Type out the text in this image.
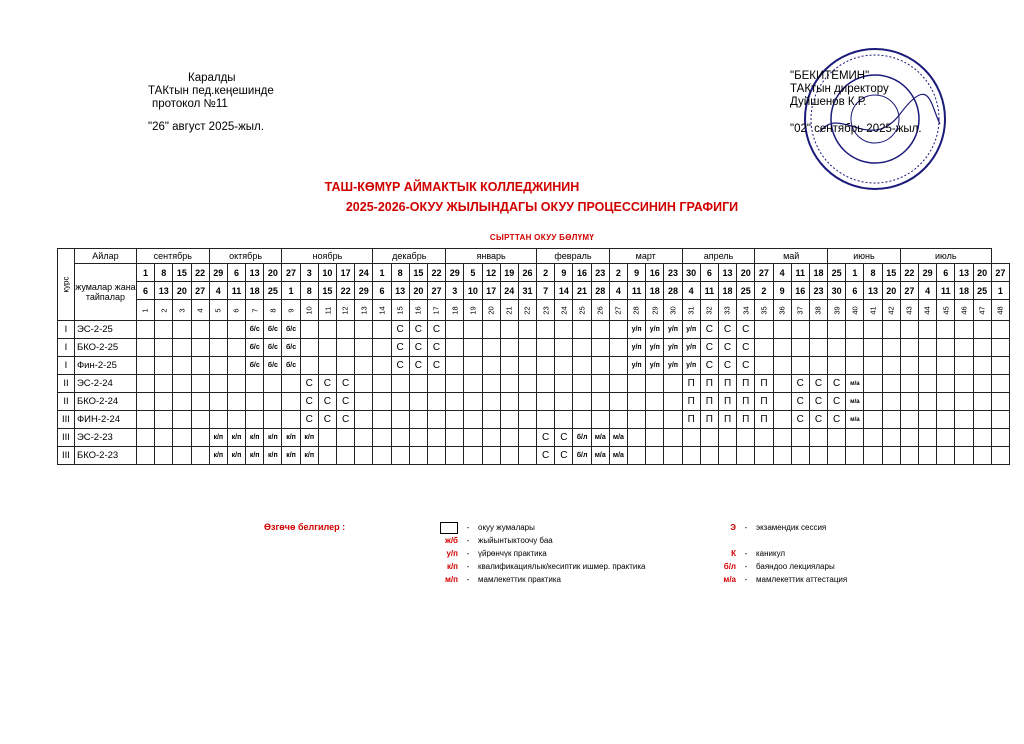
Каралды
ТАКтын пед.кеңешинде
протокол №11
"26" август 2025-жыл.
"БЕКИТЕМИН"
ТАКтын директору
Дуйшенов К.Р.
"02" сентябрь 2025-жыл.
ТАШ-КӨМҮР АЙМАКТЫК КОЛЛЕДЖИНИН
2025-2026-ОКУУ ЖЫЛЫНДАГЫ ОКУУ ПРОЦЕССИНИН ГРАФИГИ
СЫРТТАН ОКУУ БӨЛҮМҮ
курс	Айлар	сентябрь				октябрь				ноябрь					декабрь				январь					февраль				март				апрель				май				июнь				июль					
	жумалар жана тайпалар	1	8	15	22	29	6	13	20	27	3	10	17	24	1	8	15	22	29	5	12	19	26	2	9	16	23	2	9	16	23	30	6	13	20	27	4	11	18	25	1	8	15	22	29	6	13	20	27
		6	13	20	27	4	11	18	25	1	8	15	22	29	6	13	20	27	3	10	17	24	31	7	14	21	28	4	11	18	28	4	11	18	25	2	9	16	23	30	6	13	20	27	4	11	18	25	1
		1	2	3	4	5	6	7	8	9	10	11	12	13	14	15	16	17	18	19	20	21	22	23	24	25	26	27	28	29	30	31	32	33	34	35	36	37	38	39	40	41	42	43	44	45	46	47	48
I	ЭС-2-25							б/с	б/с	б/с						С	С	С											у/п	у/п	у/п	у/п	С	С	С														
I	БКО-2-25							б/с	б/с	б/с						С	С	С											у/п	у/п	у/п	у/п	С	С	С														
I	Фин-2-25							б/с	б/с	б/с						С	С	С											у/п	у/п	у/п	у/п	С	С	С														
II	ЭС-2-24										С	С	С																			П	П	П	П	П		С	С	С	м/а								
II	БКО-2-24										С	С	С																			П	П	П	П	П		С	С	С	м/а								
III	ФИН-2-24										С	С	С																			П	П	П	П	П		С	С	С	м/а								
III	ЭС-2-23					к/п	к/п	к/п	к/п	к/п	к/п													С	С	б/л	м/а	м/а																					
III	БКО-2-23					к/п	к/п	к/п	к/п	к/п	к/п													С	С	б/л	м/а	м/а																					
Өзгөчө белгилер :	- окуу жумалары
ж/б - жыйынтыктоочу баа
у/п - үйрөнчүк практика
к/п - квалификациялык/кесиптик ишмер. практика
м/п - мамлекеттик практика
Э - экзамендик сессия
К - каникул
б/л - баяндоо лекциялары
м/а - мамлекеттик аттестация
